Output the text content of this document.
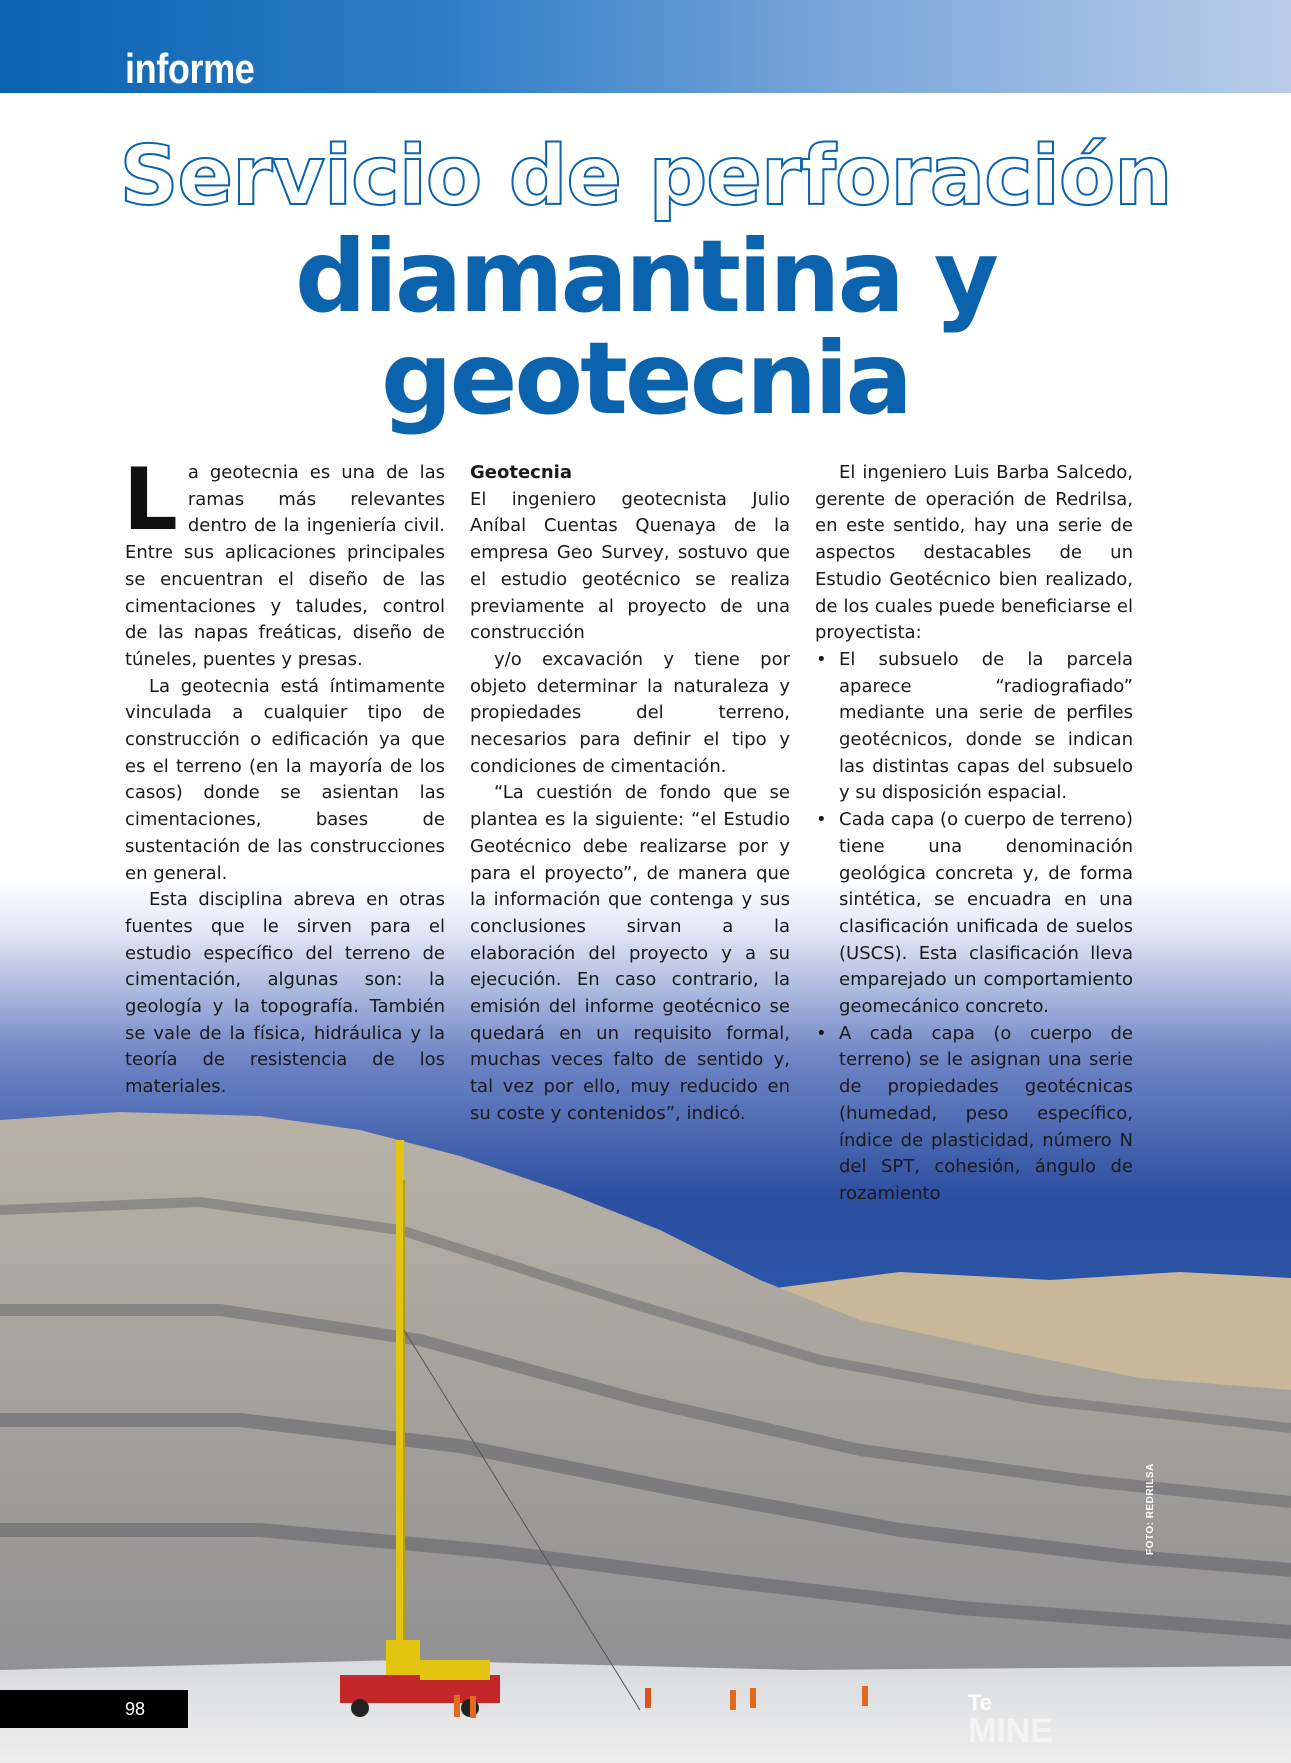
informe
Servicio de perforación
diamantina y
geotecnia

La geotecnia es una de las ramas más relevantes dentro de la ingeniería civil. Entre sus aplicaciones principales se encuentran el diseño de las cimentaciones y taludes, control de las napas freáticas, diseño de túneles, puentes y presas.

La geotecnia está íntimamente vinculada a cualquier tipo de construcción o edificación ya que es el terreno (en la mayoría de los casos) donde se asientan las cimentaciones, bases de sustentación de las construcciones en general.

Esta disciplina abreva en otras fuentes que le sirven para el estudio específico del terreno de cimentación, algunas son: la geología y la topografía. También se vale de la física, hidráulica y la teoría de resistencia de los materiales.

Geotecnia

El ingeniero geotecnista Julio Aníbal Cuentas Quenaya de la empresa Geo Survey, sostuvo que el estudio geotécnico se realiza previamente al proyecto de una construcción

y/o excavación y tiene por objeto determinar la naturaleza y propiedades del terreno, necesarios para definir el tipo y condiciones de cimentación.

“La cuestión de fondo que se plantea es la siguiente: “el Estudio Geotécnico debe realizarse por y para el proyecto”, de manera que la información que contenga y sus conclusiones sirvan a la elaboración del proyecto y a su ejecución. En caso contrario, la emisión del informe geotécnico se quedará en un requisito formal, muchas veces falto de sentido y, tal vez por ello, muy reducido en su coste y contenidos”, indicó.

El ingeniero Luis Barba Salcedo, gerente de operación de Redrilsa, en este sentido, hay una serie de aspectos destacables de un Estudio Geotécnico bien realizado, de los cuales puede beneficiarse el proyectista:

• El subsuelo de la parcela aparece “radiografiado” mediante una serie de perfiles geotécnicos, donde se indican las distintas capas del subsuelo y su disposición espacial.
• Cada capa (o cuerpo de terreno) tiene una denominación geológica concreta y, de forma sintética, se encuadra en una clasificación unificada de suelos (USCS). Esta clasificación lleva emparejado un comportamiento geomecánico concreto.
• A cada capa (o cuerpo de terreno) se le asignan una serie de propiedades geotécnicas (humedad, peso específico, índice de plasticidad, número N del SPT, cohesión, ángulo de rozamiento
FOTO: REDRILSA
Te
MINE
98
